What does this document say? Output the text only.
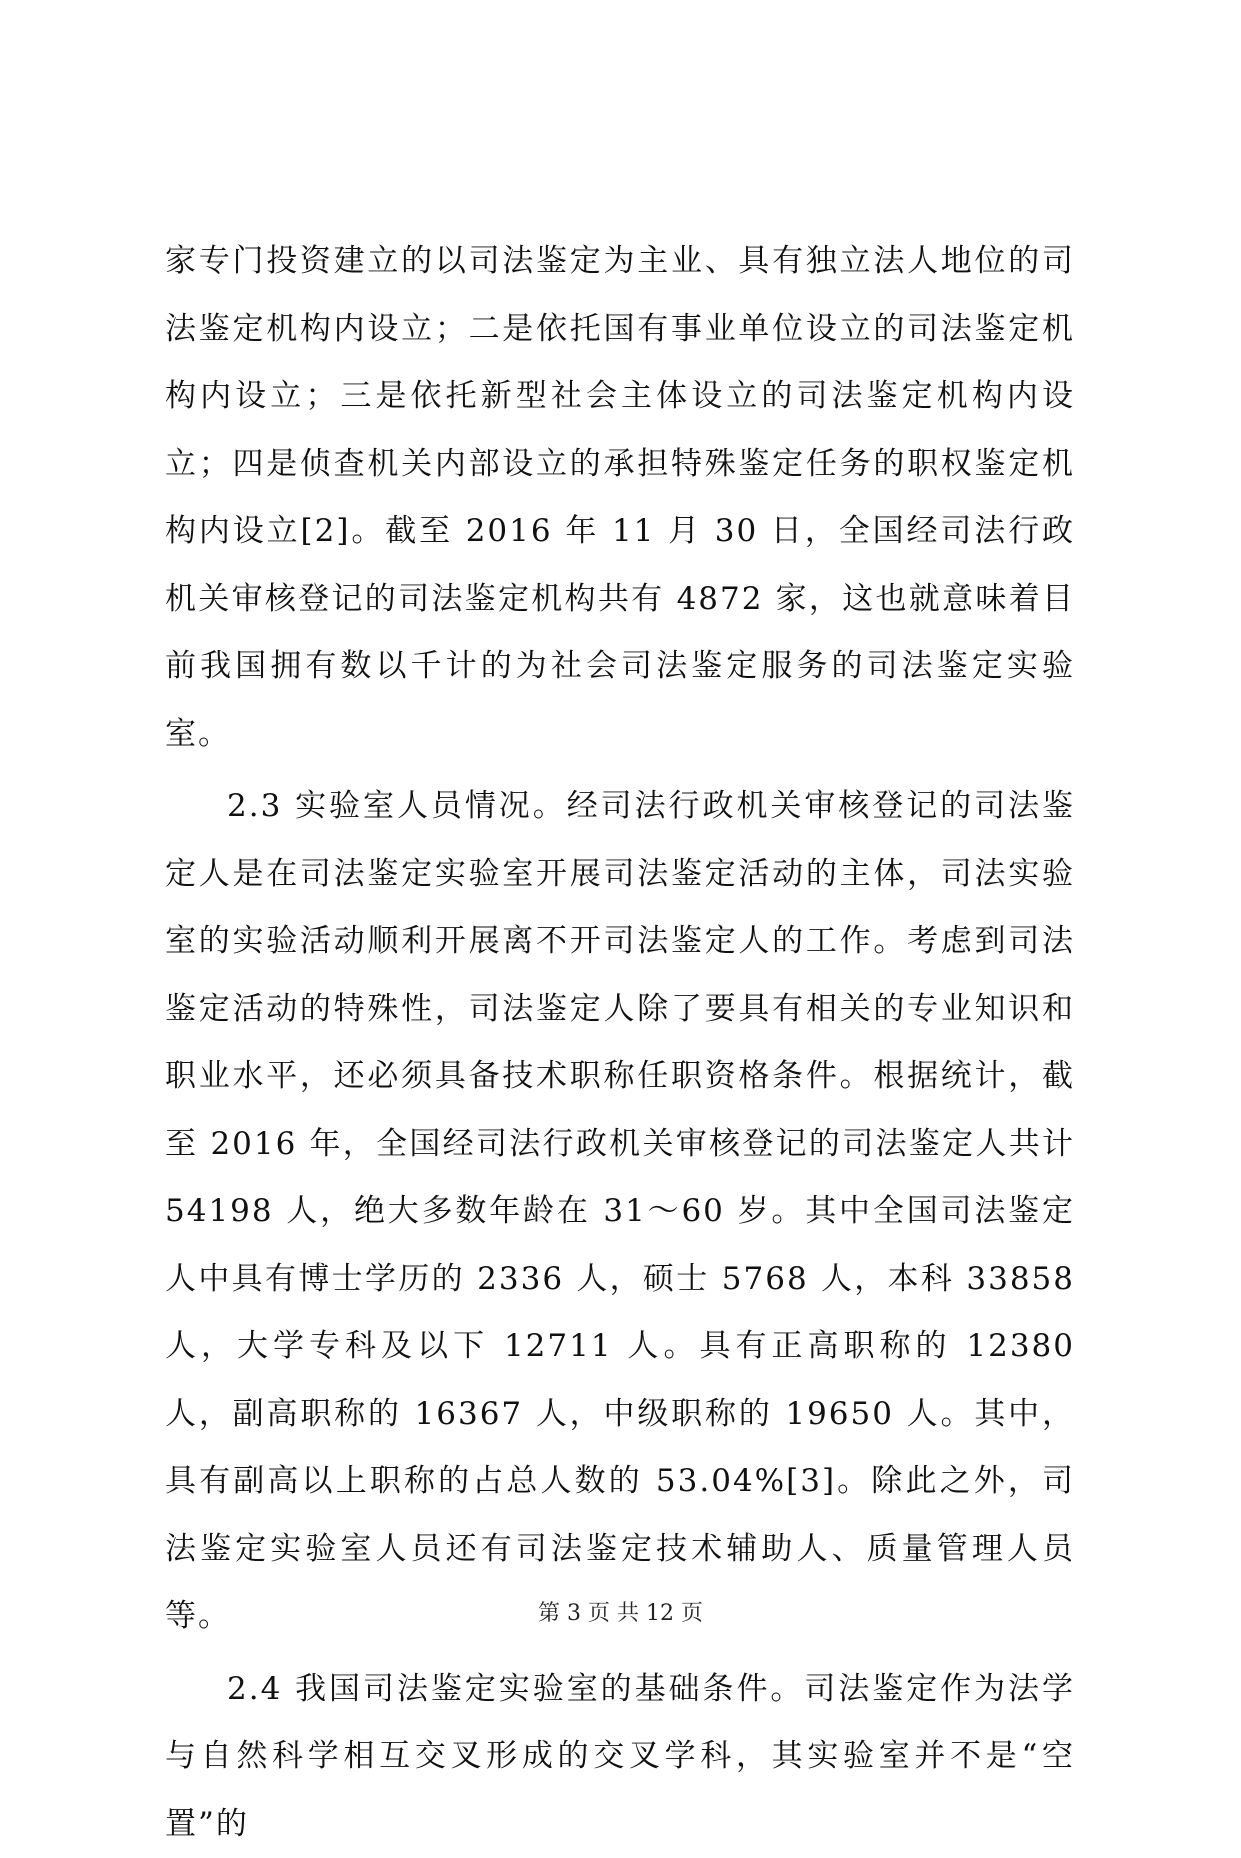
家专门投资建立的以司法鉴定为主业、具有独立法人地位的司法鉴定机构内设立；二是依托国有事业单位设立的司法鉴定机构内设立；三是依托新型社会主体设立的司法鉴定机构内设立；四是侦查机关内部设立的承担特殊鉴定任务的职权鉴定机构内设立[2]。截至 2016 年 11 月 30 日，全国经司法行政机关审核登记的司法鉴定机构共有 4872 家，这也就意味着目前我国拥有数以千计的为社会司法鉴定服务的司法鉴定实验室。

2.3 实验室人员情况。经司法行政机关审核登记的司法鉴定人是在司法鉴定实验室开展司法鉴定活动的主体，司法实验室的实验活动顺利开展离不开司法鉴定人的工作。考虑到司法鉴定活动的特殊性，司法鉴定人除了要具有相关的专业知识和职业水平，还必须具备技术职称任职资格条件。根据统计，截至 2016 年，全国经司法行政机关审核登记的司法鉴定人共计 54198 人，绝大多数年龄在 31～60 岁。其中全国司法鉴定人中具有博士学历的 2336 人，硕士 5768 人，本科 33858 人，大学专科及以下 12711 人。具有正高职称的 12380 人，副高职称的 16367 人，中级职称的 19650 人。其中，具有副高以上职称的占总人数的 53.04%[3]。除此之外，司法鉴定实验室人员还有司法鉴定技术辅助人、质量管理人员等。

2.4 我国司法鉴定实验室的基础条件。司法鉴定作为法学与自然科学相互交叉形成的交叉学科，其实验室并不是“空置”的

第 3 页 共 12 页
